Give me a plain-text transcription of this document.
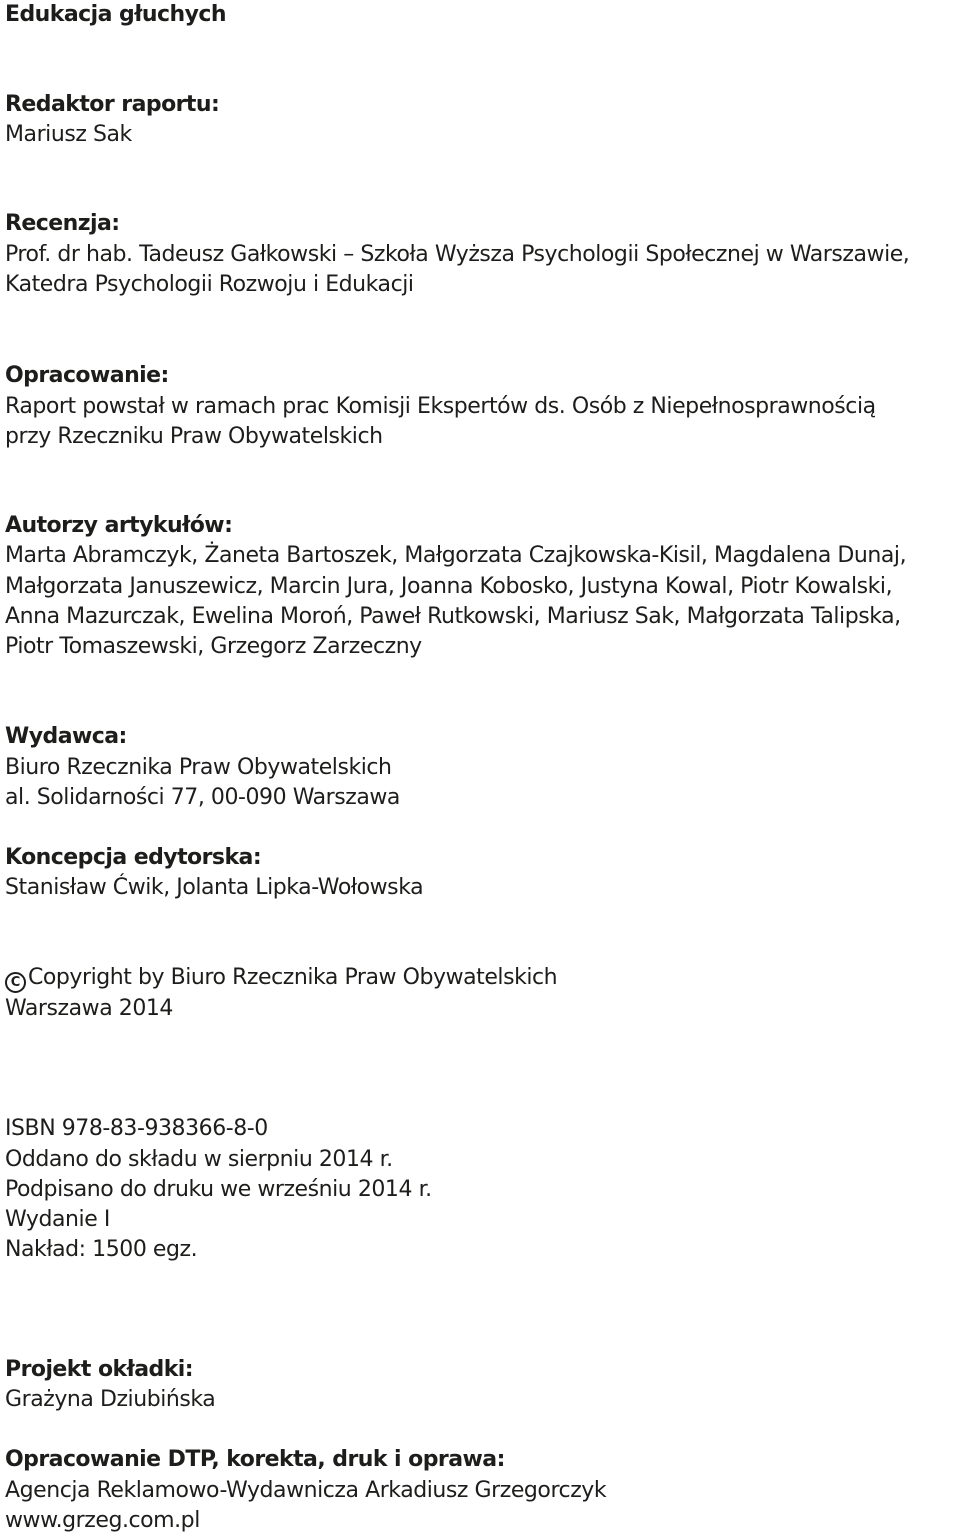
Edukacja głuchych
Redaktor raportu:
Mariusz Sak
Recenzja:
Prof. dr hab. Tadeusz Gałkowski – Szkoła Wyższa Psychologii Społecznej w Warszawie,
Katedra Psychologii Rozwoju i Edukacji
Opracowanie:
Raport powstał w ramach prac Komisji Ekspertów ds. Osób z Niepełnosprawnością
przy Rzeczniku Praw Obywatelskich
Autorzy artykułów:
Marta Abramczyk, Żaneta Bartoszek, Małgorzata Czajkowska-Kisil, Magdalena Dunaj,
Małgorzata Januszewicz, Marcin Jura, Joanna Kobosko, Justyna Kowal, Piotr Kowalski,
Anna Mazurczak, Ewelina Moroń, Paweł Rutkowski, Mariusz Sak, Małgorzata Talipska,
Piotr Tomaszewski, Grzegorz Zarzeczny
Wydawca:
Biuro Rzecznika Praw Obywatelskich
al. Solidarności 77, 00-090 Warszawa
Koncepcja edytorska:
Stanisław Ćwik, Jolanta Lipka-Wołowska
C Copyright by Biuro Rzecznika Praw Obywatelskich
Warszawa 2014
ISBN 978-83-938366-8-0
Oddano do składu w sierpniu 2014 r.
Podpisano do druku we wrześniu 2014 r.
Wydanie I
Nakład: 1500 egz.
Projekt okładki:
Grażyna Dziubińska
Opracowanie DTP, korekta, druk i oprawa:
Agencja Reklamowo-Wydawnicza Arkadiusz Grzegorczyk
www.grzeg.com.pl
